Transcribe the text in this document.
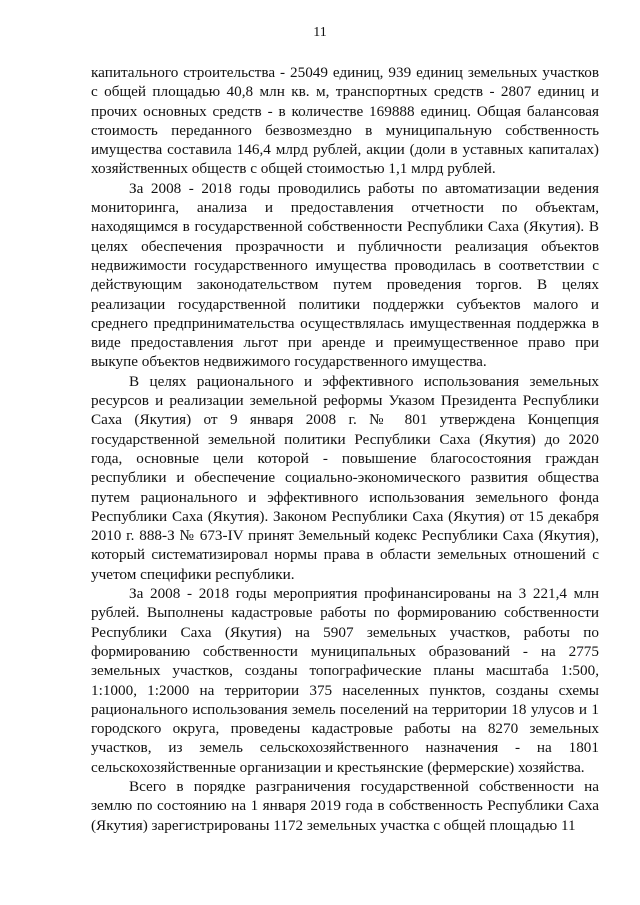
11

капитального строительства - 25049 единиц, 939 единиц земельных участков с общей площадью 40,8 млн кв. м, транспортных средств - 2807 единиц и прочих основных средств - в количестве 169888 единиц. Общая балансовая стоимость переданного безвозмездно в муниципальную собственность имущества составила 146,4 млрд рублей, акции (доли в уставных капиталах) хозяйственных обществ с общей стоимостью 1,1 млрд рублей.

За 2008 - 2018 годы проводились работы по автоматизации ведения мониторинга, анализа и предоставления отчетности по объектам, находящимся в государственной собственности Республики Саха (Якутия). В целях обеспечения прозрачности и публичности реализация объектов недвижимости государственного имущества проводилась в соответствии с действующим законодательством путем проведения торгов. В целях реализации государственной политики поддержки субъектов малого и среднего предпринимательства осуществлялась имущественная поддержка в виде предоставления льгот при аренде и преимущественное право при выкупе объектов недвижимого государственного имущества.

В целях рационального и эффективного использования земельных ресурсов и реализации земельной реформы Указом Президента Республики Саха (Якутия) от 9 января 2008 г. № 801 утверждена Концепция государственной земельной политики Республики Саха (Якутия) до 2020 года, основные цели которой - повышение благосостояния граждан республики и обеспечение социально-экономического развития общества путем рационального и эффективного использования земельного фонда Республики Саха (Якутия). Законом Республики Саха (Якутия) от 15 декабря 2010 г. 888-З № 673-IV принят Земельный кодекс Республики Саха (Якутия), который систематизировал нормы права в области земельных отношений с учетом специфики республики.

За 2008 - 2018 годы мероприятия профинансированы на 3 221,4 млн рублей. Выполнены кадастровые работы по формированию собственности Республики Саха (Якутия) на 5907 земельных участков, работы по формированию собственности муниципальных образований - на 2775 земельных участков, созданы топографические планы масштаба 1:500, 1:1000, 1:2000 на территории 375 населенных пунктов, созданы схемы рационального использования земель поселений на территории 18 улусов и 1 городского округа, проведены кадастровые работы на 8270 земельных участков, из земель сельскохозяйственного назначения - на 1801 сельскохозяйственные организации и крестьянские (фермерские) хозяйства.

Всего в порядке разграничения государственной собственности на землю по состоянию на 1 января 2019 года в собственность Республики Саха (Якутия) зарегистрированы 1172 земельных участка с общей площадью 11
